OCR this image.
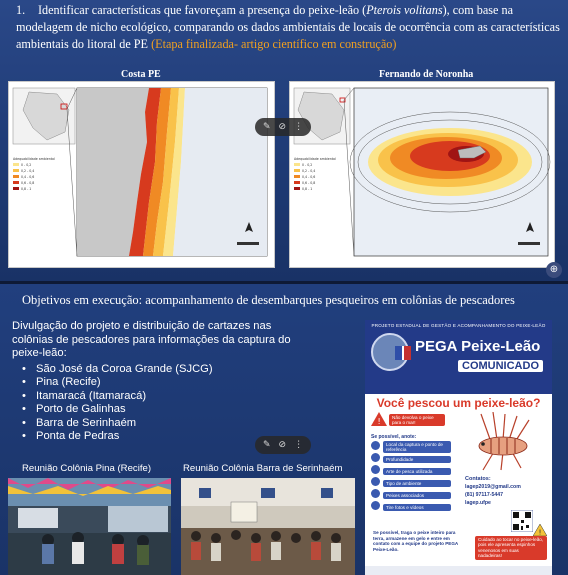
1. Identificar características que favoreçam a presença do peixe-leão (Pterois volitans), com base na modelagem de nicho ecológico, comparando os dados ambientais de locais de ocorrência com as características ambientais do litoral de PE (Etapa finalizada- artigo científico em construção)
Costa PE	Fernando de Noronha
Adequabilidade ambiental
0 - 0,2
0,2 - 0,4
0,4 - 0,6
0,6 - 0,8
0,8 - 1
Adequabilidade ambiental
0 - 0,2
0,2 - 0,4
0,4 - 0,6
0,6 - 0,8
0,8 - 1
✎ ⊘ ⋮
⊕
Objetivos em execução: acompanhamento de desembarques pesqueiros em colônias de pescadores
Divulgação do projeto e distribuição de cartazes nas colônias de pescadores para informações da captura do peixe-leão:
• São José da Coroa Grande (SJCG)
• Pina (Recife)
• Itamaracá (Itamaracá)
• Porto de Galinhas
• Barra de Serinhaém
• Ponta de Pedras
Reunião Colônia Pina (Recife)	Reunião Colônia Barra de Serinhaém
✎ ⊘ ⋮
PROJETO ESTADUAL DE GESTÃO E ACOMPANHAMENTO DO PEIXE-LEÃO
PEGA Peixe-Leão
COMUNICADO
Você pescou um peixe-leão?
!	Não devolva o peixe para o mar!
Se possível, anote:
Local da captura e ponto de referência
Profundidade
Arte de pesca utilizada
Tipo de ambiente
Peixes associados
Tire fotos e vídeos
Contatos:
lagep2019@gmail.com
(81) 97117-5447
lagep.ufpe
Se possível, traga o peixe inteiro para terra, armazene em gelo e entre em contato com a equipe do projeto PEGA Peixe-Leão.
Cuidado ao tocar no peixe-leão, pois ele apresenta espinhos venenosos em suas nadadeiras!
!
